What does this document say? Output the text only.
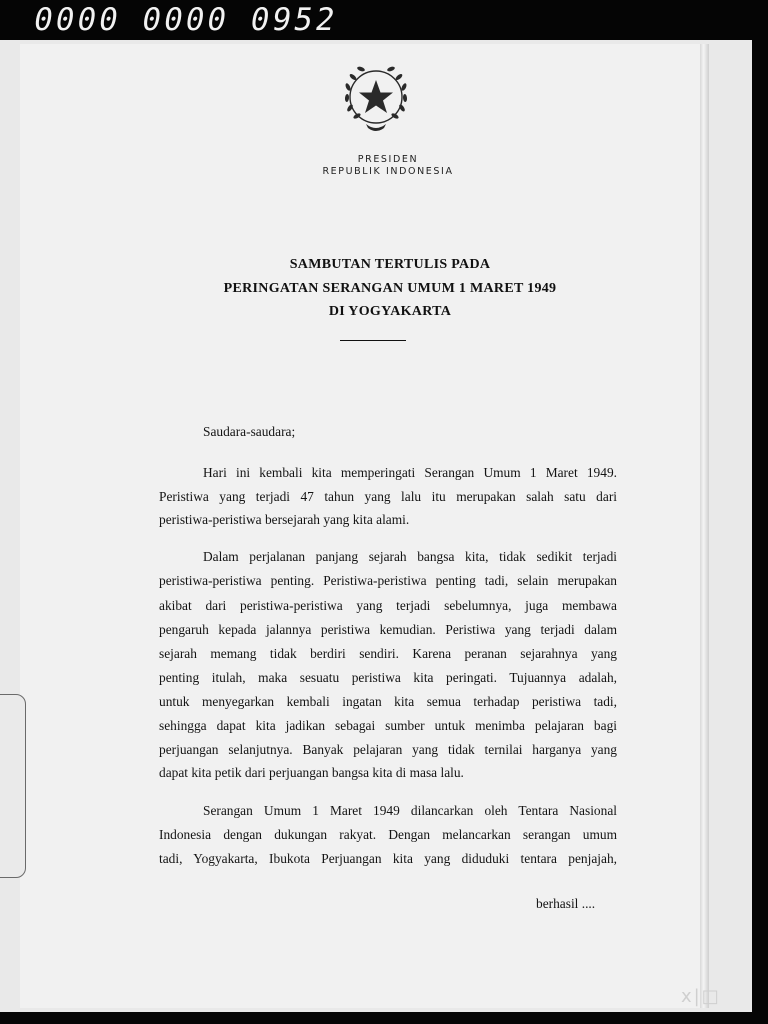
0000 0000 0952
PRESIDEN
REPUBLIK INDONESIA
SAMBUTAN TERTULIS PADA
PERINGATAN SERANGAN UMUM 1 MARET 1949
DI YOGYAKARTA
Saudara-saudara;
Hari ini kembali kita memperingati Serangan Umum 1 Maret 1949.
Peristiwa yang terjadi 47 tahun yang lalu itu merupakan salah satu dari
peristiwa-peristiwa bersejarah yang kita alami.
Dalam perjalanan panjang sejarah bangsa kita, tidak sedikit terjadi
peristiwa-peristiwa penting. Peristiwa-peristiwa penting tadi, selain merupakan
akibat dari peristiwa-peristiwa yang terjadi sebelumnya, juga membawa
pengaruh kepada jalannya peristiwa kemudian. Peristiwa yang terjadi dalam
sejarah memang tidak berdiri sendiri. Karena peranan sejarahnya yang
penting itulah, maka sesuatu peristiwa kita peringati. Tujuannya adalah,
untuk menyegarkan kembali ingatan kita semua terhadap peristiwa tadi,
sehingga dapat kita jadikan sebagai sumber untuk menimba pelajaran bagi
perjuangan selanjutnya. Banyak pelajaran yang tidak ternilai harganya yang
dapat kita petik dari perjuangan bangsa kita di masa lalu.
Serangan Umum 1 Maret 1949 dilancarkan oleh Tentara Nasional
Indonesia dengan dukungan rakyat. Dengan melancarkan serangan umum
tadi, Yogyakarta, Ibukota Perjuangan kita yang diduduki tentara penjajah,
berhasil ....
x|□
